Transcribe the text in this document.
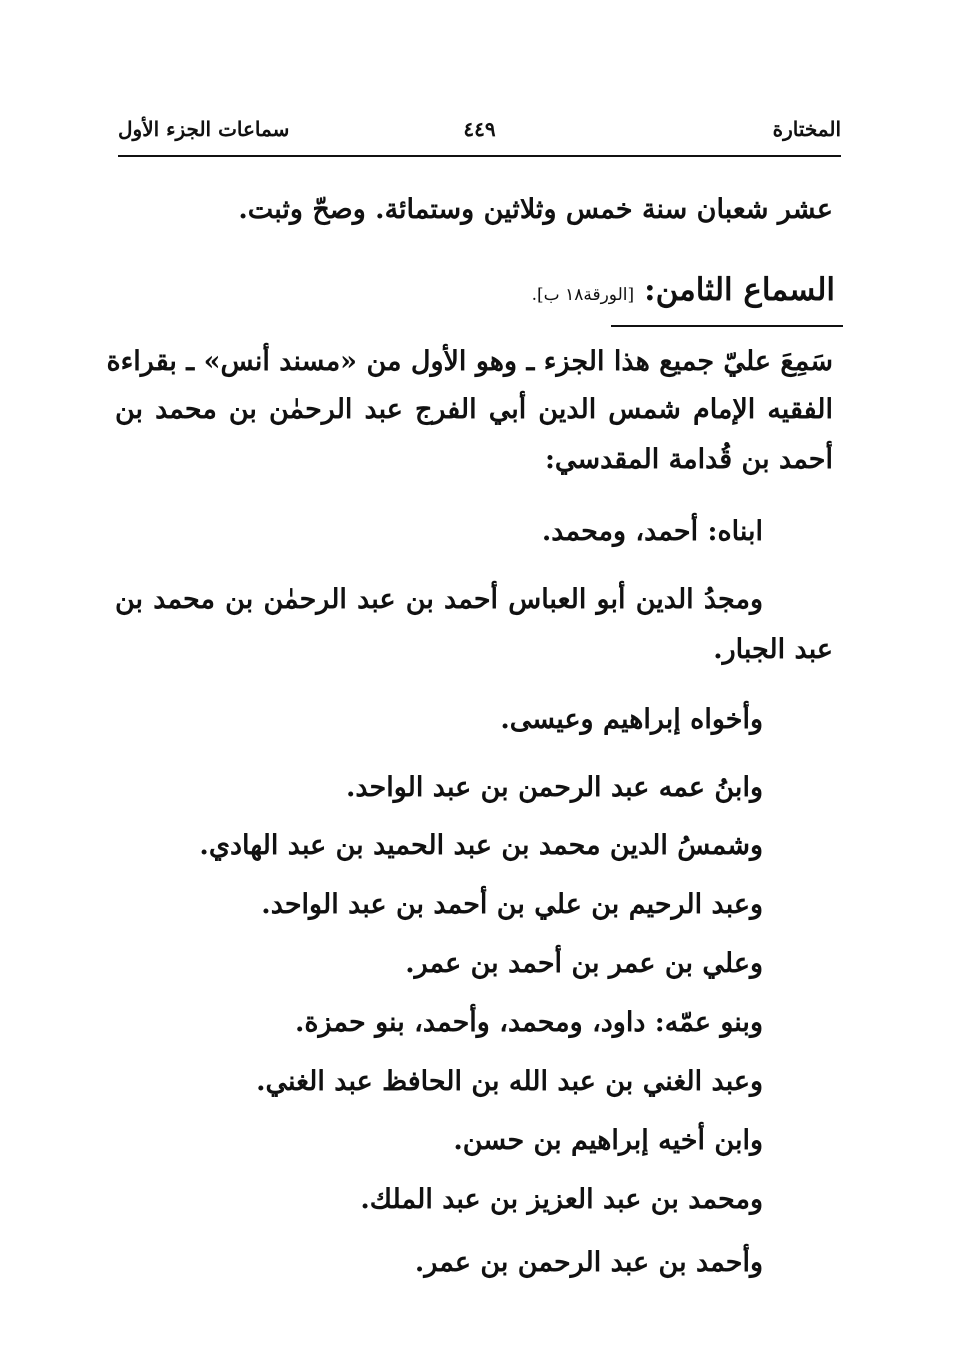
المختارة
٤٤٩
سماعات الجزء الأول
عشر شعبان سنة خمس وثلاثين وستمائة. وصحّ وثبت.
السماع الثامن:[الورقة١٨ ب].
سَمِعَ عليّ جميع هذا الجزء ـ وهو الأول من «مسند أنس» ـ بقراءة
الفقيه الإمام شمس الدين أبي الفرج عبد الرحمٰن بن محمد بن
أحمد بن قُدامة المقدسي:
ابناه: أحمد، ومحمد.
ومجدُ الدين أبو العباس أحمد بن عبد الرحمٰن بن محمد بن
عبد الجبار.
وأخواه إبراهيم وعيسى.
وابنُ عمه عبد الرحمن بن عبد الواحد.
وشمسُ الدين محمد بن عبد الحميد بن عبد الهادي.
وعبد الرحيم بن علي بن أحمد بن عبد الواحد.
وعلي بن عمر بن أحمد بن عمر.
وبنو عمّه: داود، ومحمد، وأحمد، بنو حمزة.
وعبد الغني بن عبد الله بن الحافظ عبد الغني.
وابن أخيه إبراهيم بن حسن.
ومحمد بن عبد العزيز بن عبد الملك.
وأحمد بن عبد الرحمن بن عمر.
